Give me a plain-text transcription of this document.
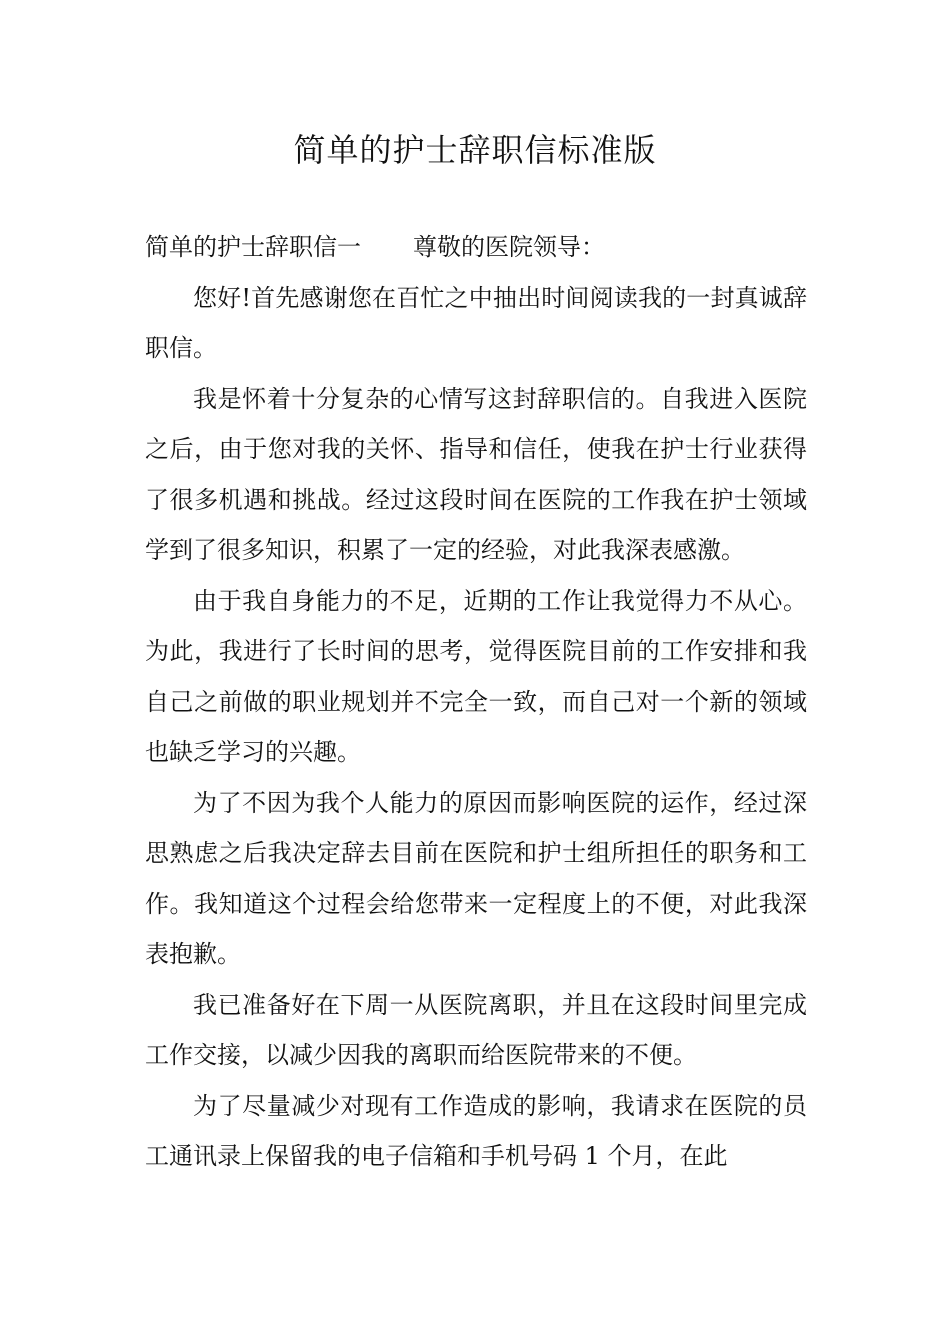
简单的护士辞职信标准版

简单的护士辞职信一 尊敬的医院领导：

您好!首先感谢您在百忙之中抽出时间阅读我的一封真诚辞职信。

我是怀着十分复杂的心情写这封辞职信的。自我进入医院之后，由于您对我的关怀、指导和信任，使我在护士行业获得了很多机遇和挑战。经过这段时间在医院的工作我在护士领域学到了很多知识，积累了一定的经验，对此我深表感激。

由于我自身能力的不足，近期的工作让我觉得力不从心。为此，我进行了长时间的思考，觉得医院目前的工作安排和我自己之前做的职业规划并不完全一致，而自己对一个新的领域也缺乏学习的兴趣。

为了不因为我个人能力的原因而影响医院的运作，经过深思熟虑之后我决定辞去目前在医院和护士组所担任的职务和工作。我知道这个过程会给您带来一定程度上的不便，对此我深表抱歉。

我已准备好在下周一从医院离职，并且在这段时间里完成工作交接，以减少因我的离职而给医院带来的不便。

为了尽量减少对现有工作造成的影响，我请求在医院的员工通讯录上保留我的电子信箱和手机号码 1 个月，在此
